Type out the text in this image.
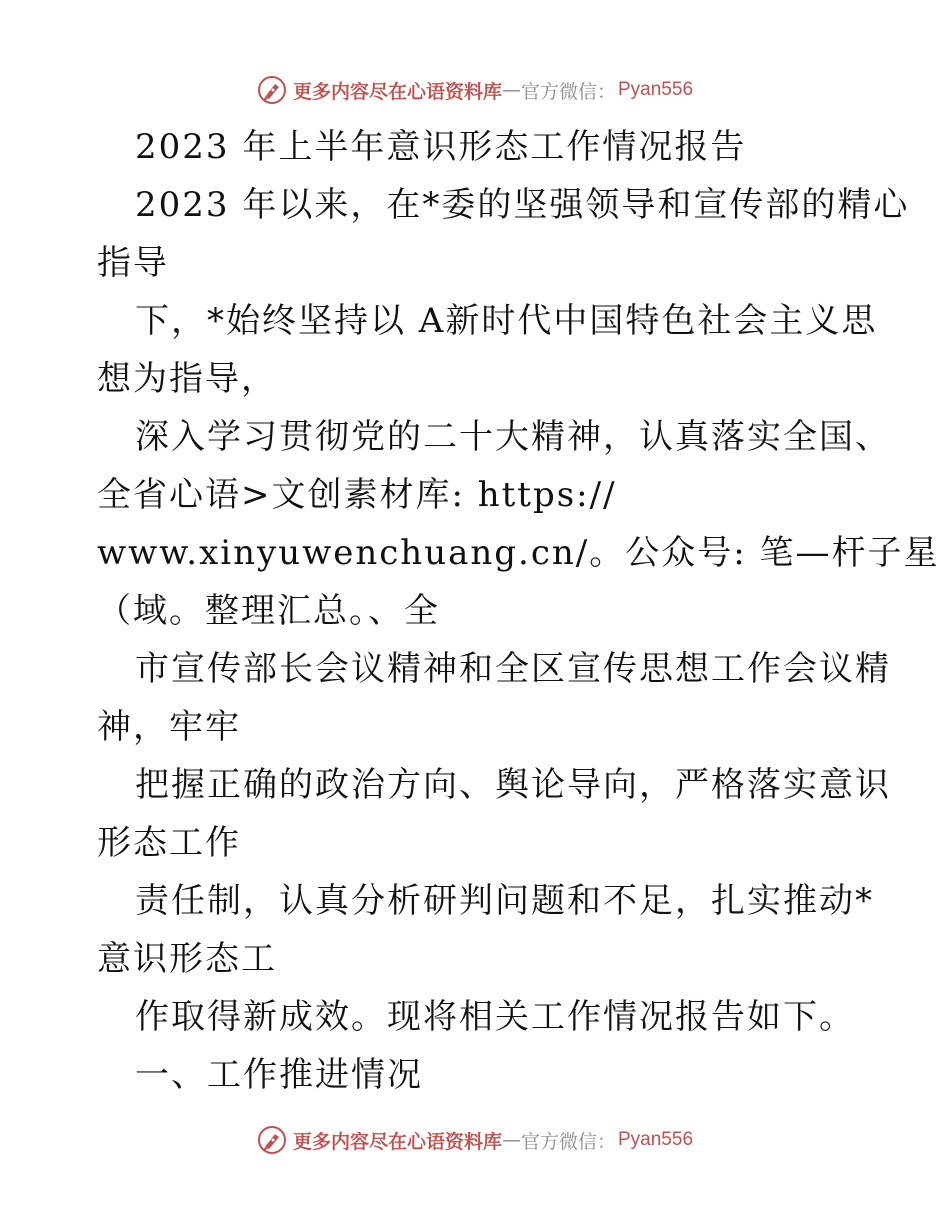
更多内容尽在心语资料库 — 官方微信： Pyan556
2023 年上半年意识形态工作情况报告
2023 年以来，在*委的坚强领导和宣传部的精心
指导
下，*始终坚持以 A新时代中国特色社会主义思
想为指导，
深入学习贯彻党的二十大精神，认真落实全国、
全省心语>文创素材库: https://
www.xinyuwenchuang.cn/。公众号: 笔—杆子星
（域。整理汇总。、全
市宣传部长会议精神和全区宣传思想工作会议精
神，牢牢
把握正确的政治方向、舆论导向，严格落实意识
形态工作
责任制，认真分析研判问题和不足，扎实推动*
意识形态工
作取得新成效。现将相关工作情况报告如下。
一、工作推进情况
更多内容尽在心语资料库 — 官方微信： Pyan556
